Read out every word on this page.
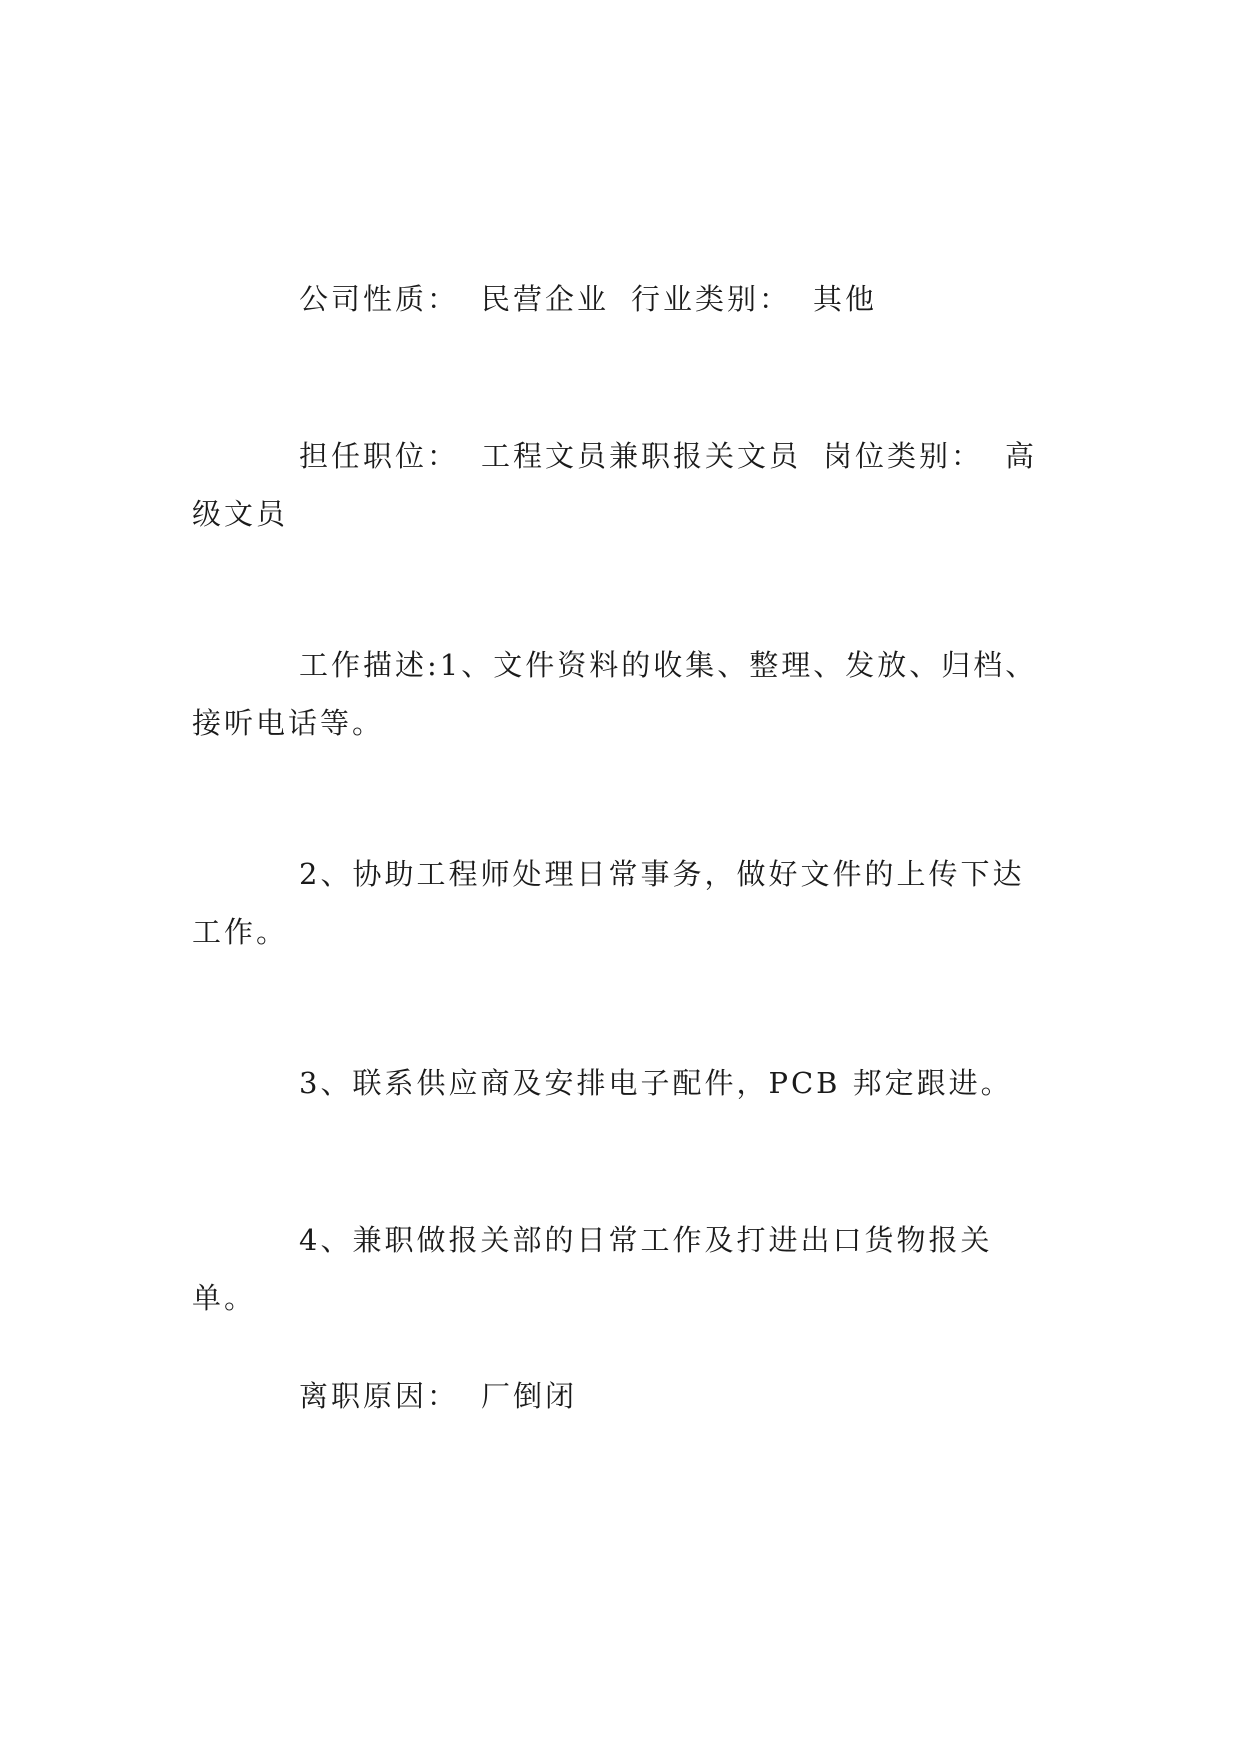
公司性质： 民营企业 行业类别： 其他

担任职位： 工程文员兼职报关文员 岗位类别： 高级文员

工作描述:1、文件资料的收集、整理、发放、归档、接听电话等。

2、协助工程师处理日常事务，做好文件的上传下达工作。

3、联系供应商及安排电子配件，PCB 邦定跟进。

4、兼职做报关部的日常工作及打进出口货物报关单。

离职原因： 厂倒闭
